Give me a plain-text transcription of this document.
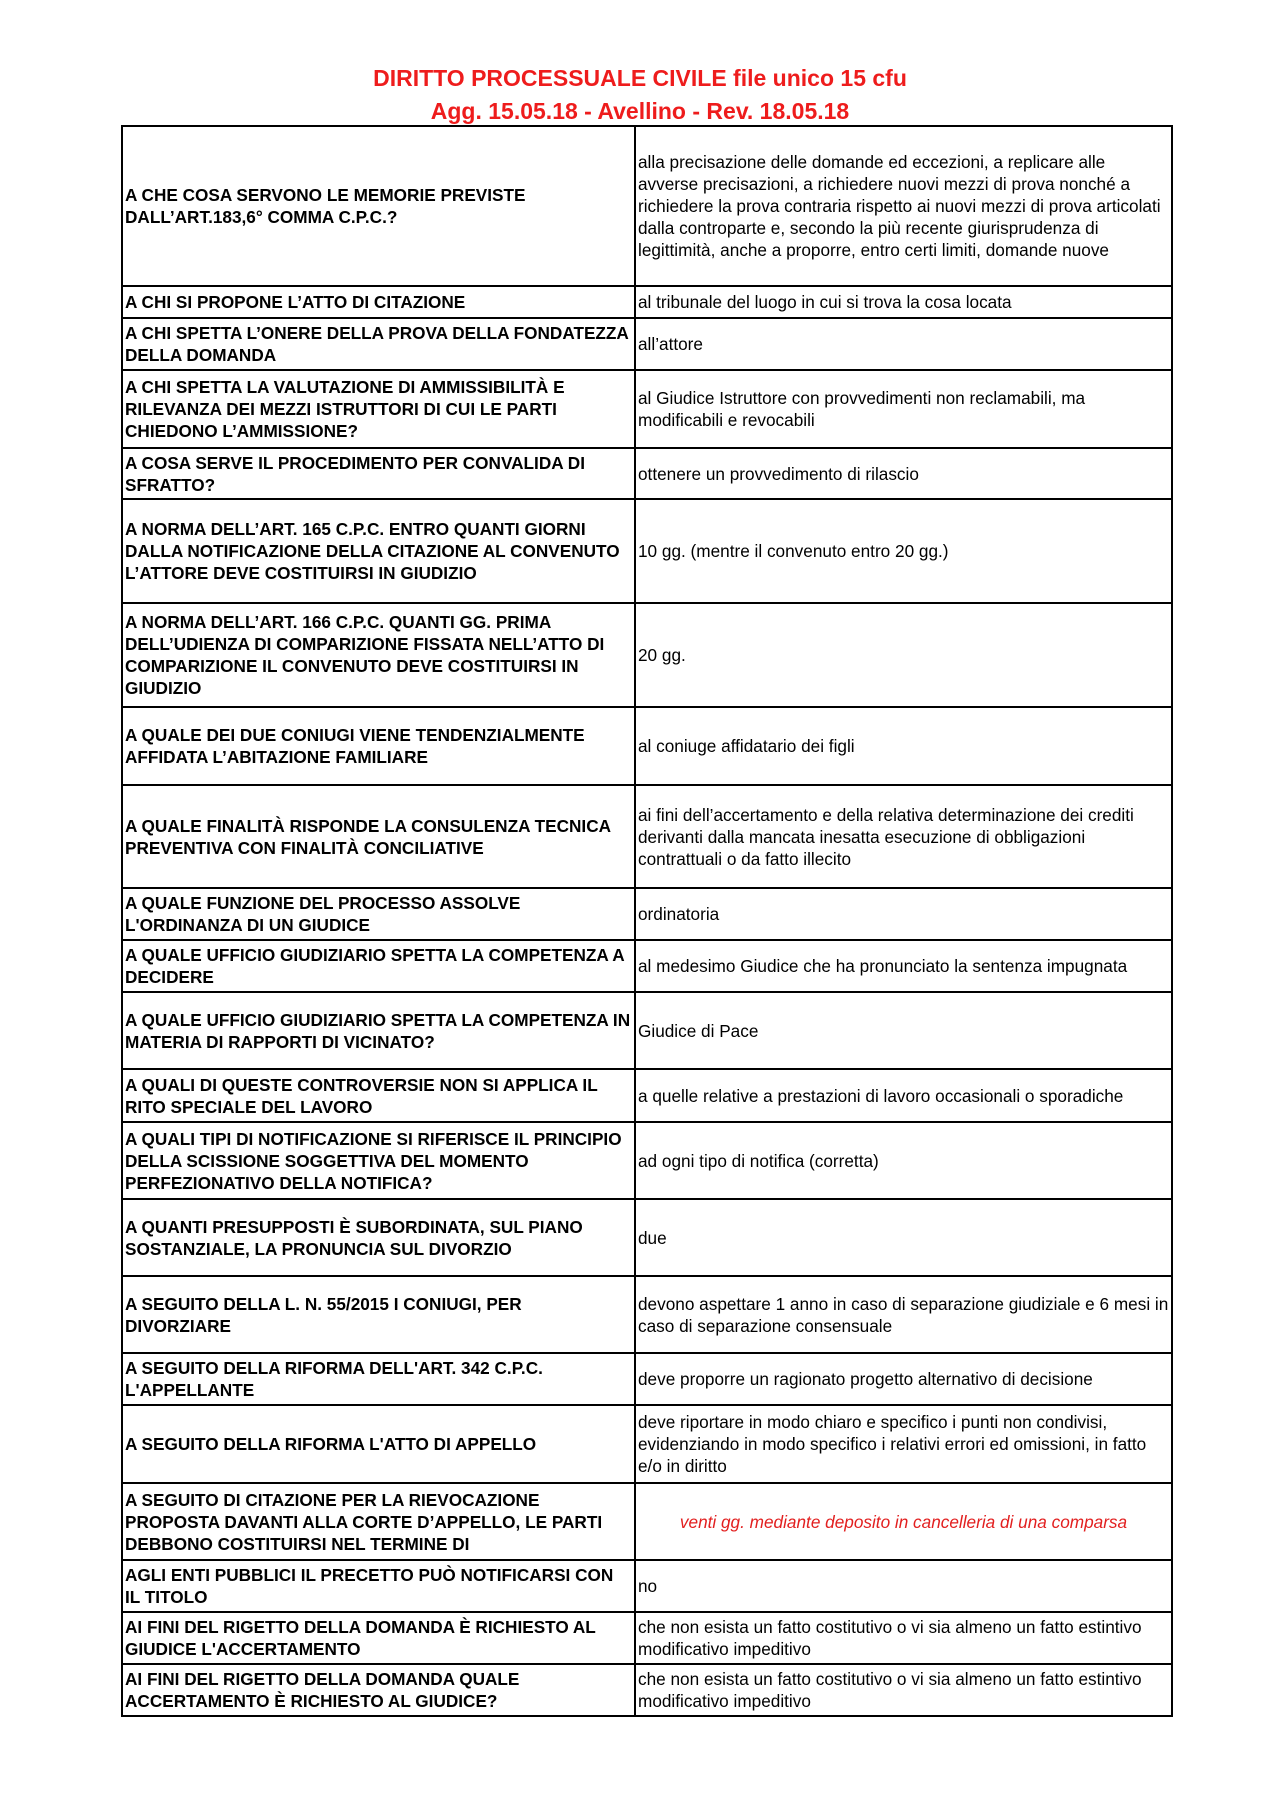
DIRITTO PROCESSUALE CIVILE file unico 15 cfu
Agg. 15.05.18 - Avellino - Rev. 18.05.18
A CHE COSA SERVONO LE MEMORIE PREVISTE DALL’ART.183,6° COMMA C.P.C.?	alla precisazione delle domande ed eccezioni, a replicare alle avverse precisazioni, a richiedere nuovi mezzi di prova nonché a richiedere la prova contraria rispetto ai nuovi mezzi di prova articolati dalla controparte e, secondo la più recente giurisprudenza di legittimità, anche a proporre, entro certi limiti, domande nuove
A CHI SI PROPONE L’ATTO DI CITAZIONE	al tribunale del luogo in cui si trova la cosa locata
A CHI SPETTA L’ONERE DELLA PROVA DELLA FONDATEZZA DELLA DOMANDA	all’attore
A CHI SPETTA LA VALUTAZIONE DI AMMISSIBILITÀ E RILEVANZA DEI MEZZI ISTRUTTORI DI CUI LE PARTI CHIEDONO L’AMMISSIONE?	al Giudice Istruttore con provvedimenti non reclamabili, ma modificabili e revocabili
A COSA SERVE IL PROCEDIMENTO PER CONVALIDA DI SFRATTO?	ottenere un provvedimento di rilascio
A NORMA DELL’ART. 165 C.P.C. ENTRO QUANTI GIORNI DALLA NOTIFICAZIONE DELLA CITAZIONE AL CONVENUTO L’ATTORE DEVE COSTITUIRSI IN GIUDIZIO	10 gg. (mentre il convenuto entro 20 gg.)
A NORMA DELL’ART. 166 C.P.C. QUANTI GG. PRIMA DELL’UDIENZA DI COMPARIZIONE FISSATA NELL’ATTO DI COMPARIZIONE IL CONVENUTO DEVE COSTITUIRSI IN GIUDIZIO	20 gg.
A QUALE DEI DUE CONIUGI VIENE TENDENZIALMENTE AFFIDATA L’ABITAZIONE FAMILIARE	al coniuge affidatario dei figli
A QUALE FINALITÀ RISPONDE LA CONSULENZA TECNICA PREVENTIVA CON FINALITÀ CONCILIATIVE	ai fini dell’accertamento e della relativa determinazione dei crediti derivanti dalla mancata inesatta esecuzione di obbligazioni contrattuali o da fatto illecito
A QUALE FUNZIONE DEL PROCESSO ASSOLVE L'ORDINANZA DI UN GIUDICE	ordinatoria
A QUALE UFFICIO GIUDIZIARIO SPETTA LA COMPETENZA A DECIDERE	al medesimo Giudice che ha pronunciato la sentenza impugnata
A QUALE UFFICIO GIUDIZIARIO SPETTA LA COMPETENZA IN MATERIA DI RAPPORTI DI VICINATO?	Giudice di Pace
A QUALI DI QUESTE CONTROVERSIE NON SI APPLICA IL RITO SPECIALE DEL LAVORO	a quelle relative a prestazioni di lavoro occasionali o sporadiche
A QUALI TIPI DI NOTIFICAZIONE SI RIFERISCE IL PRINCIPIO DELLA SCISSIONE SOGGETTIVA DEL MOMENTO PERFEZIONATIVO DELLA NOTIFICA?	ad ogni tipo di notifica (corretta)
A QUANTI PRESUPPOSTI È SUBORDINATA, SUL PIANO SOSTANZIALE, LA PRONUNCIA SUL DIVORZIO	due
A SEGUITO DELLA L. N. 55/2015 I CONIUGI, PER DIVORZIARE	devono aspettare 1 anno in caso di separazione giudiziale e 6 mesi in caso di separazione consensuale
A SEGUITO DELLA RIFORMA DELL'ART. 342 C.P.C. L'APPELLANTE	deve proporre un ragionato progetto alternativo di decisione
A SEGUITO DELLA RIFORMA L'ATTO DI APPELLO	deve riportare in modo chiaro e specifico i punti non condivisi, evidenziando in modo specifico i relativi errori ed omissioni, in fatto e/o in diritto
A SEGUITO DI CITAZIONE PER LA RIEVOCAZIONE PROPOSTA DAVANTI ALLA CORTE D’APPELLO, LE PARTI DEBBONO COSTITUIRSI NEL TERMINE DI	venti gg. mediante deposito in cancelleria di una comparsa
AGLI ENTI PUBBLICI IL PRECETTO PUÒ NOTIFICARSI CON IL TITOLO	no
AI FINI DEL RIGETTO DELLA DOMANDA È RICHIESTO AL GIUDICE L'ACCERTAMENTO	che non esista un fatto costitutivo o vi sia almeno un fatto estintivo modificativo impeditivo
AI FINI DEL RIGETTO DELLA DOMANDA QUALE ACCERTAMENTO È RICHIESTO AL GIUDICE?	che non esista un fatto costitutivo o vi sia almeno un fatto estintivo modificativo impeditivo
